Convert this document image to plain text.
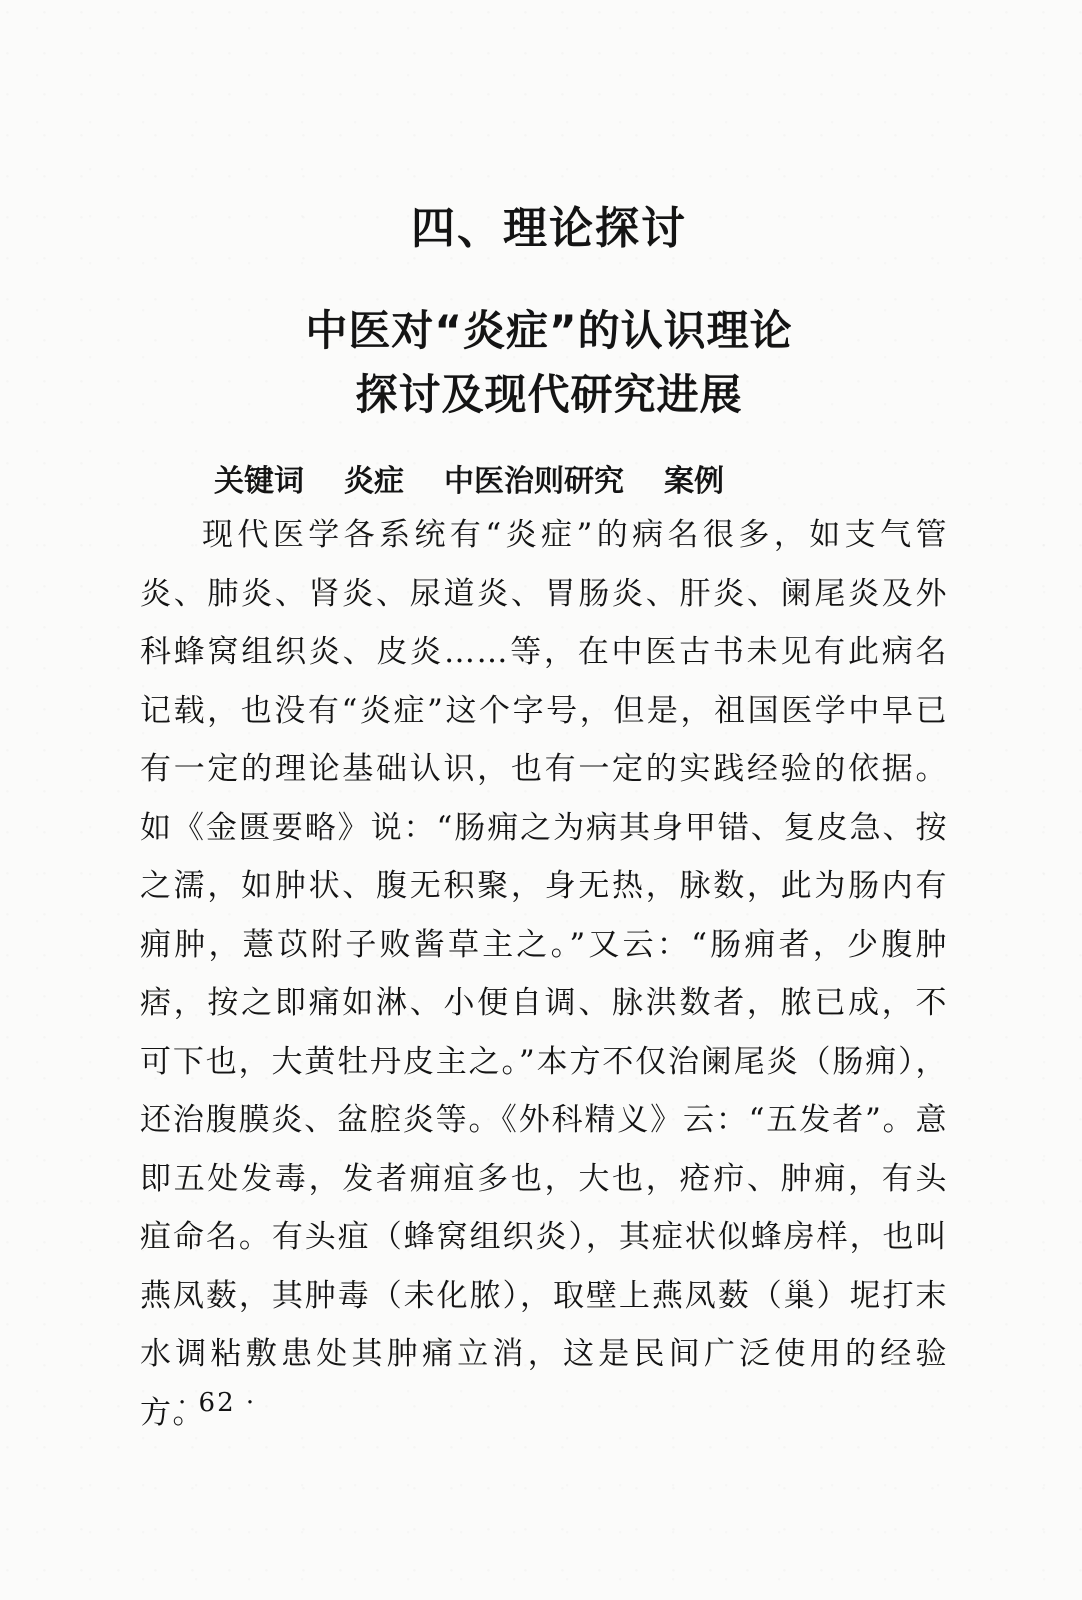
四、理论探讨
中医对“炎症”的认识理论
探讨及现代研究进展
关键词 炎症 中医治则研究 案例
现代医学各系统有“炎症”的病名很多，如支气管炎、肺炎、肾炎、尿道炎、胃肠炎、肝炎、阑尾炎及外科蜂窝组织炎、皮炎……等，在中医古书未见有此病名记载，也没有“炎症”这个字号，但是，祖国医学中早已有一定的理论基础认识，也有一定的实践经验的依据。如《金匮要略》说：“肠痈之为病其身甲错、复皮急、按之濡，如肿状、腹无积聚，身无热，脉数，此为肠内有痈肿，薏苡附子败酱草主之。”又云：“肠痈者，少腹肿痞，按之即痛如淋、小便自调、脉洪数者，脓已成，不可下也，大黄牡丹皮主之。”本方不仅治阑尾炎（肠痈），还治腹膜炎、盆腔炎等。《外科精义》云：“五发者”。意即五处发毒，发者痈疽多也，大也，疮疖、肿痈，有头疽命名。有头疽（蜂窝组织炎），其症状似蜂房样，也叫燕凤薮，其肿毒（未化脓），取壁上燕凤薮（巢）坭打末水调粘敷患处其肿痛立消，这是民间广泛使用的经验方。
· 62 ·
